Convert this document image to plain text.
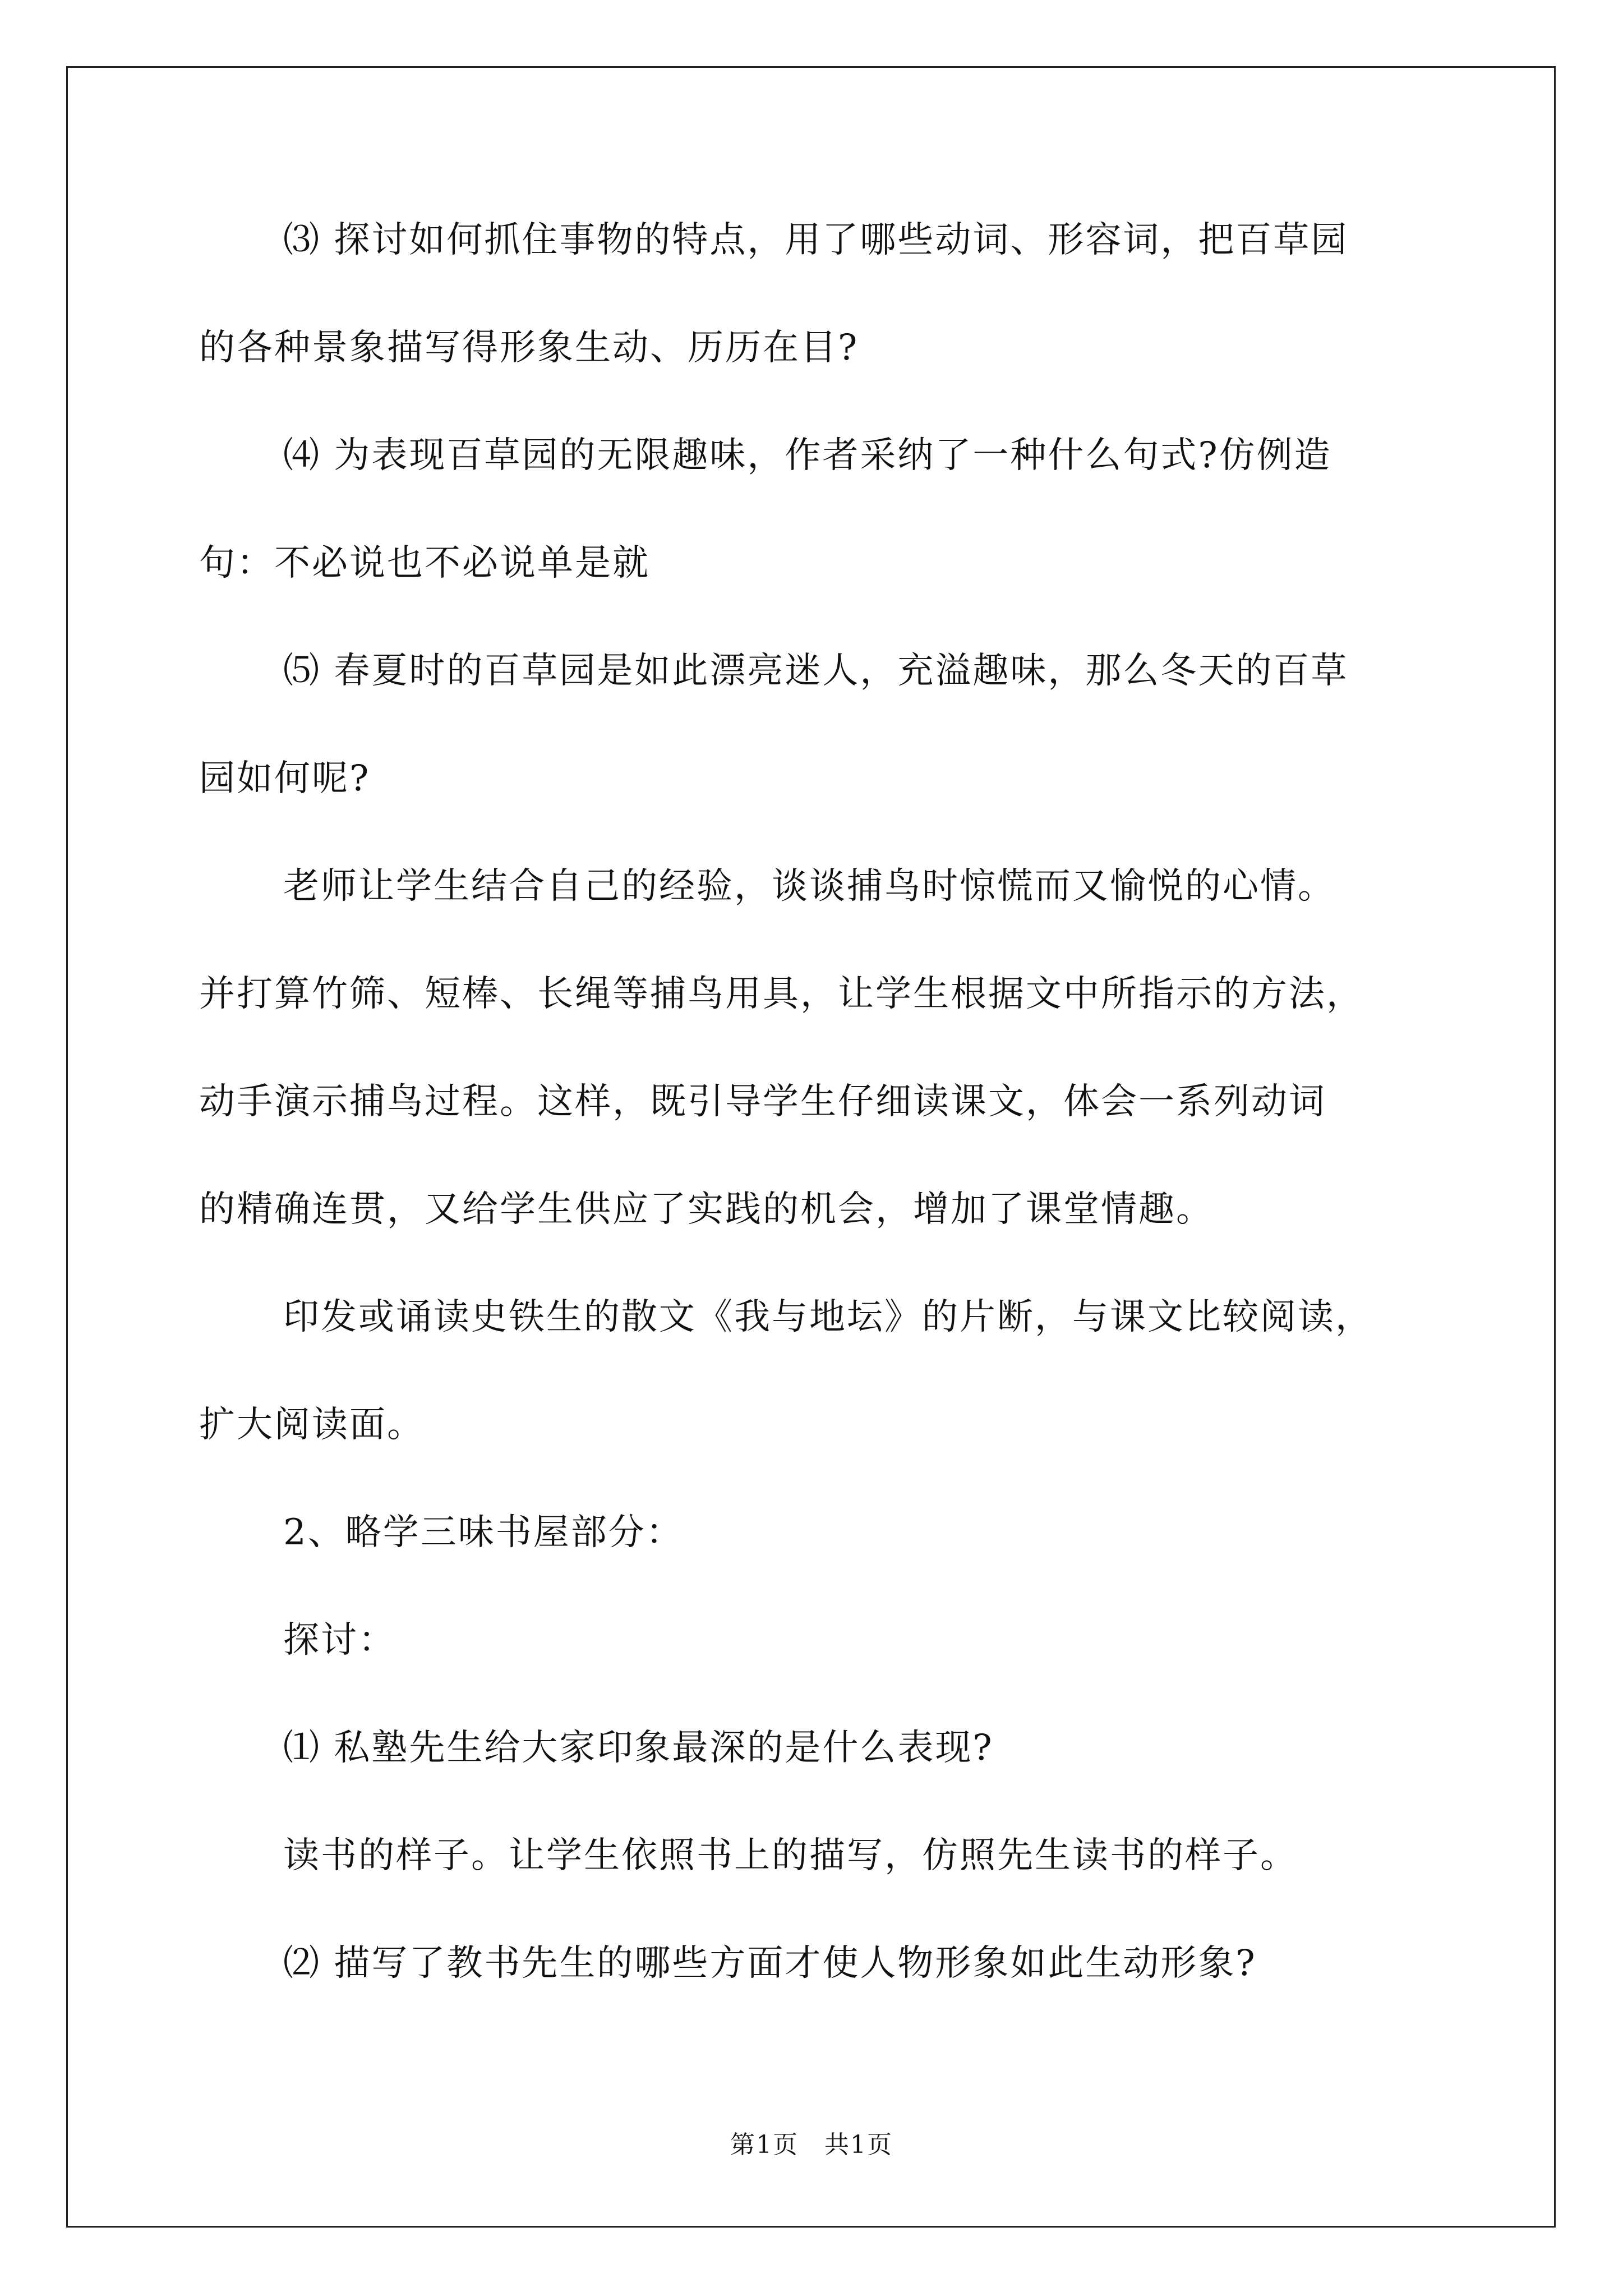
⑶ 探讨如何抓住事物的特点，用了哪些动词、形容词，把百草园
的各种景象描写得形象生动、历历在目?

⑷ 为表现百草园的无限趣味，作者采纳了一种什么句式?仿例造
句：不必说也不必说单是就

⑸ 春夏时的百草园是如此漂亮迷人，充溢趣味，那么冬天的百草
园如何呢?

老师让学生结合自己的经验，谈谈捕鸟时惊慌而又愉悦的心情。
并打算竹筛、短棒、长绳等捕鸟用具，让学生根据文中所指示的方法，
动手演示捕鸟过程。这样，既引导学生仔细读课文，体会一系列动词
的精确连贯，又给学生供应了实践的机会，增加了课堂情趣。

印发或诵读史铁生的散文《我与地坛》的片断，与课文比较阅读，
扩大阅读面。

2、略学三味书屋部分：

探讨：

⑴ 私塾先生给大家印象最深的是什么表现?

读书的样子。让学生依照书上的描写，仿照先生读书的样子。

⑵ 描写了教书先生的哪些方面才使人物形象如此生动形象?

第1页　共1页
